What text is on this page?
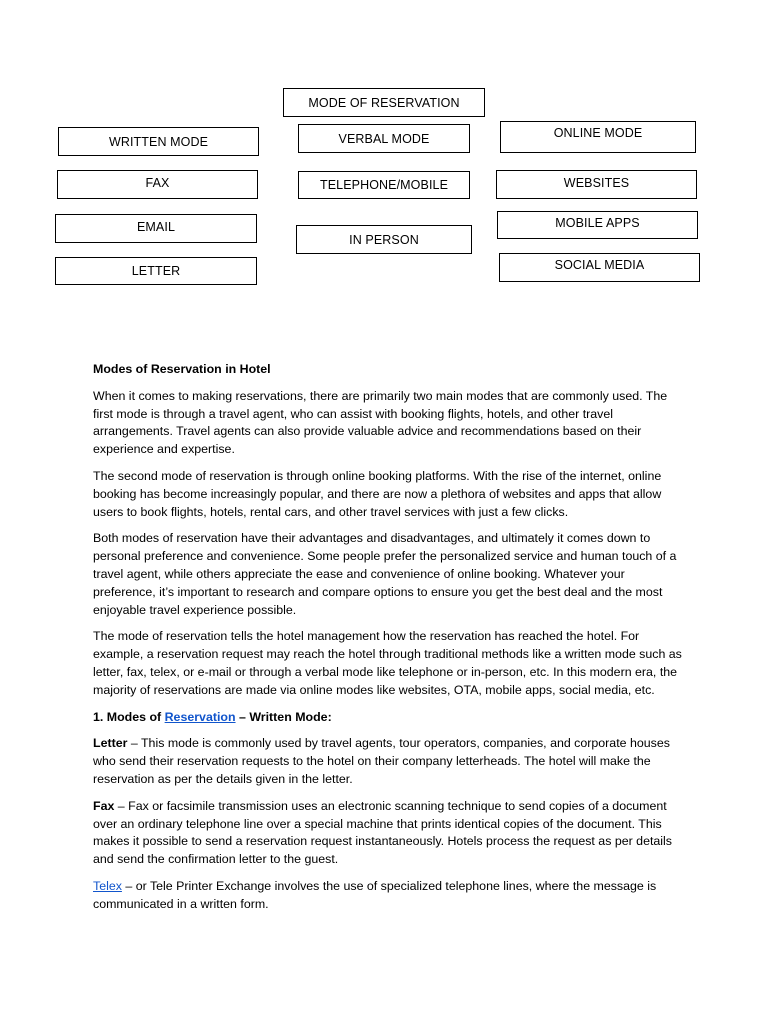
MODE OF RESERVATION
WRITTEN MODE	VERBAL MODE	ONLINE MODE
FAX
EMAIL
LETTER
TELEPHONE/MOBILE
IN PERSON
WEBSITES
MOBILE APPS
SOCIAL MEDIA

Modes of Reservation in Hotel

When it comes to making reservations, there are primarily two main modes that are commonly used. The first mode is through a travel agent, who can assist with booking flights, hotels, and other travel arrangements. Travel agents can also provide valuable advice and recommendations based on their experience and expertise.

The second mode of reservation is through online booking platforms. With the rise of the internet, online booking has become increasingly popular, and there are now a plethora of websites and apps that allow users to book flights, hotels, rental cars, and other travel services with just a few clicks.

Both modes of reservation have their advantages and disadvantages, and ultimately it comes down to personal preference and convenience. Some people prefer the personalized service and human touch of a travel agent, while others appreciate the ease and convenience of online booking. Whatever your preference, it’s important to research and compare options to ensure you get the best deal and the most enjoyable travel experience possible.

The mode of reservation tells the hotel management how the reservation has reached the hotel. For example, a reservation request may reach the hotel through traditional methods like a written mode such as letter, fax, telex, or e-mail or through a verbal mode like telephone or in-person, etc. In this modern era, the majority of reservations are made via online modes like websites, OTA, mobile apps, social media, etc.

1. Modes of Reservation – Written Mode:

Letter – This mode is commonly used by travel agents, tour operators, companies, and corporate houses who send their reservation requests to the hotel on their company letterheads. The hotel will make the reservation as per the details given in the letter.

Fax – Fax or facsimile transmission uses an electronic scanning technique to send copies of a document over an ordinary telephone line over a special machine that prints identical copies of the document. This makes it possible to send a reservation request instantaneously. Hotels process the request as per details and send the confirmation letter to the guest.

Telex – or Tele Printer Exchange involves the use of specialized telephone lines, where the message is communicated in a written form.
